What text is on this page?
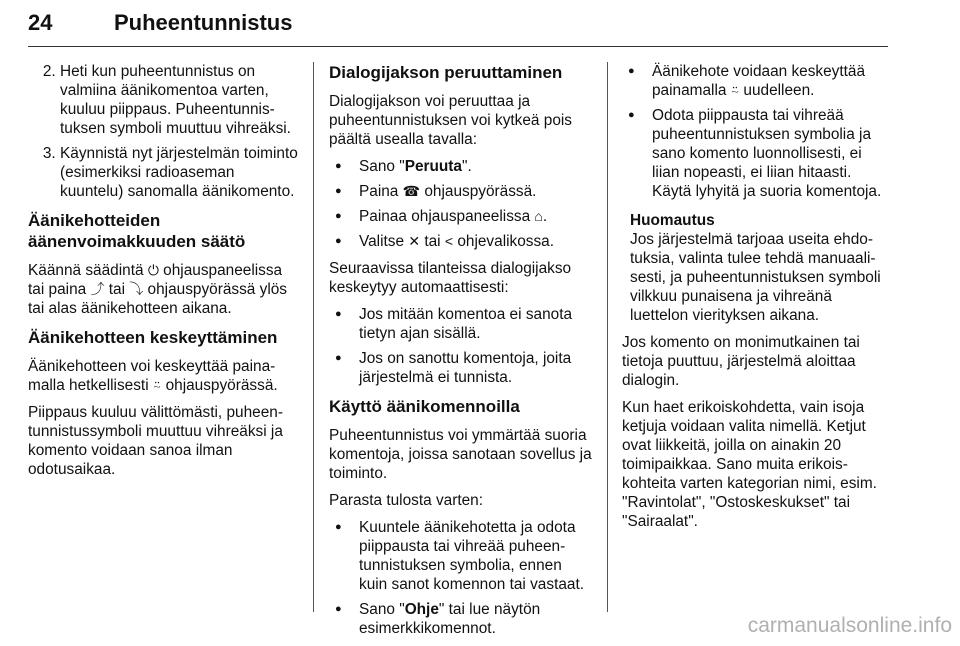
24	Puheentunnistus
2. Heti kun puheentunnistus on valmiina äänikomentoa varten, kuuluu piippaus. Puheentunnistuksen symboli muuttuu vihreäksi.
3. Käynnistä nyt järjestelmän toiminto (esimerkiksi radioaseman kuuntelu) sanomalla äänikomento.
Äänikehotteiden äänenvoimakkuuden säätö

Käännä säädintä ⏻ ohjauspaneelissa tai paina ⤴ tai ⤵ ohjauspyörässä ylös tai alas äänikehotteen aikana.

Äänikehotteen keskeyttäminen

Äänikehotteen voi keskeyttää painamalla hetkellisesti ⍨ ohjauspyörässä.

Piippaus kuuluu välittömästi, puheentunnistussymboli muuttuu vihreäksi ja komento voidaan sanoa ilman odotusaikaa.

Dialogijakson peruuttaminen

Dialogijakson voi peruuttaa ja puheentunnistuksen voi kytkeä pois päältä usealla tavalla:

● Sano "Peruuta".
● Paina ☎ ohjauspyörässä.
● Painaa ohjauspaneelissa ⌂.
● Valitse ✕ tai < ohjevalikossa.

Seuraavissa tilanteissa dialogijakso keskeytyy automaattisesti:

● Jos mitään komentoa ei sanota tietyn ajan sisällä.
● Jos on sanottu komentoja, joita järjestelmä ei tunnista.
Käyttö äänikomennoilla

Puheentunnistus voi ymmärtää suoria komentoja, joissa sanotaan sovellus ja toiminto.

Parasta tulosta varten:

● Kuuntele äänikehotetta ja odota piippausta tai vihreää puheentunnistuksen symbolia, ennen kuin sanot komennon tai vastaat.
● Sano "Ohje" tai lue näytön esimerkkikomennot.
● Äänikehote voidaan keskeyttää painamalla ⍨ uudelleen.
● Odota piippausta tai vihreää puheentunnistuksen symbolia ja sano komento luonnollisesti, ei liian nopeasti, ei liian hitaasti. Käytä lyhyitä ja suoria komentoja.
Huomautus
Jos järjestelmä tarjoaa useita ehdotuksia, valinta tulee tehdä manuaalisesti, ja puheentunnistuksen symboli vilkkuu punaisena ja vihreänä luettelon vierityksen aikana.

Jos komento on monimutkainen tai tietoja puuttuu, järjestelmä aloittaa dialogin.

Kun haet erikoiskohdetta, vain isoja ketjuja voidaan valita nimellä. Ketjut ovat liikkeitä, joilla on ainakin 20 toimipaikkaa. Sano muita erikoiskohteita varten kategorian nimi, esim. "Ravintolat", "Ostoskeskukset" tai "Sairaalat".

carmanualsonline.info
